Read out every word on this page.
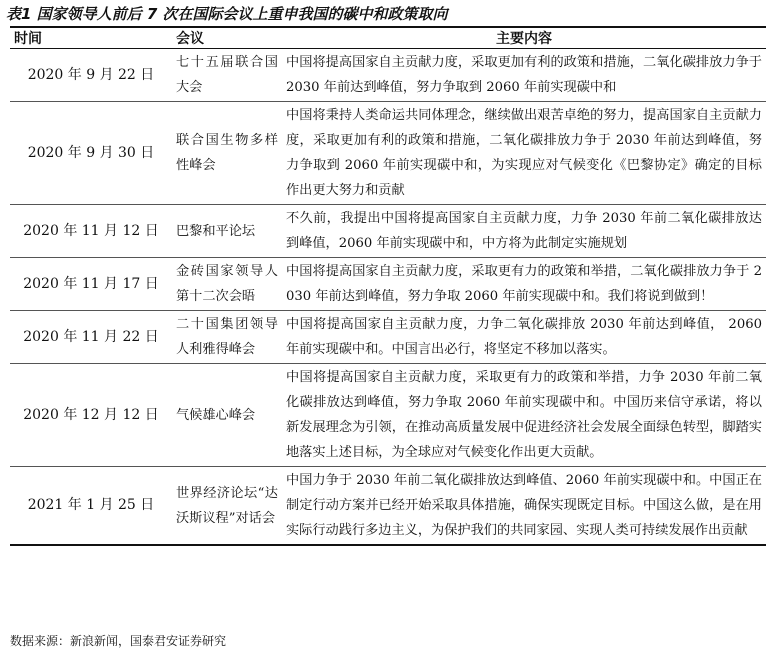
表1 国家领导人前后 7 次在国际会议上重申我国的碳中和政策取向
时间	会议	主要内容
2020 年 9 月 22 日	七十五届联合国大会	中国将提高国家自主贡献力度，采取更加有利的政策和措施，二氧化碳排放力争于 2030 年前达到峰值，努力争取到 2060 年前实现碳中和
2020 年 9 月 30 日	联合国生物多样性峰会	中国将秉持人类命运共同体理念，继续做出艰苦卓绝的努力，提高国家自主贡献力度，采取更加有利的政策和措施，二氧化碳排放力争于 2030 年前达到峰值，努力争取到 2060 年前实现碳中和，为实现应对气候变化《巴黎协定》确定的目标作出更大努力和贡献
2020 年 11 月 12 日	巴黎和平论坛	不久前，我提出中国将提高国家自主贡献力度，力争 2030 年前二氧化碳排放达到峰值，2060 年前实现碳中和，中方将为此制定实施规划
2020 年 11 月 17 日	金砖国家领导人第十二次会晤	中国将提高国家自主贡献力度，采取更有力的政策和举措，二氧化碳排放力争于 2030 年前达到峰值，努力争取 2060 年前实现碳中和。我们将说到做到！
2020 年 11 月 22 日	二十国集团领导人利雅得峰会	中国将提高国家自主贡献力度，力争二氧化碳排放 2030 年前达到峰值， 2060 年前实现碳中和。中国言出必行，将坚定不移加以落实。
2020 年 12 月 12 日	气候雄心峰会	中国将提高国家自主贡献力度，采取更有力的政策和举措，力争 2030 年前二氧化碳排放达到峰值，努力争取 2060 年前实现碳中和。中国历来信守承诺，将以新发展理念为引领，在推动高质量发展中促进经济社会发展全面绿色转型，脚踏实地落实上述目标，为全球应对气候变化作出更大贡献。
2021 年 1 月 25 日	世界经济论坛“达沃斯议程”对话会	中国力争于 2030 年前二氧化碳排放达到峰值、2060 年前实现碳中和。中国正在制定行动方案并已经开始采取具体措施，确保实现既定目标。中国这么做，是在用实际行动践行多边主义，为保护我们的共同家园、实现人类可持续发展作出贡献
数据来源：新浪新闻，国泰君安证券研究
